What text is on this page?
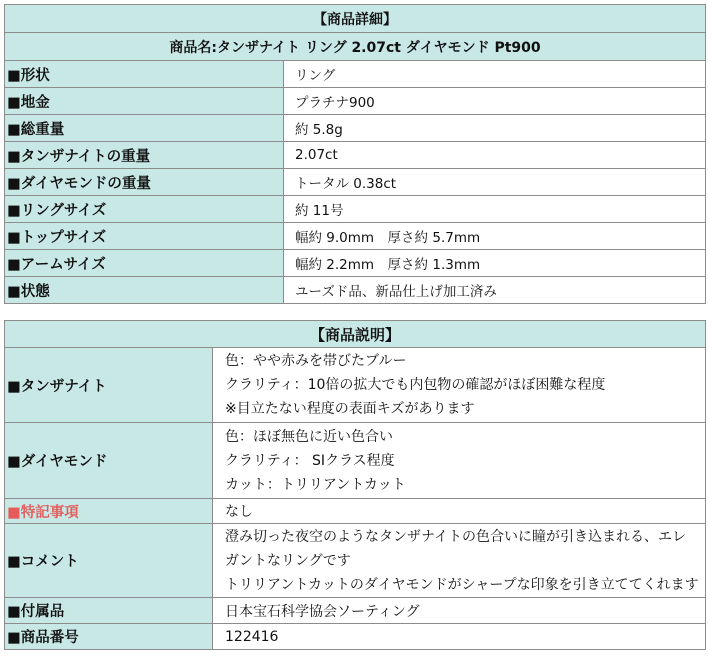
【商品詳細】	
商品名:タンザナイト リング 2.07ct ダイヤモンド Pt900	
■形状	リング
■地金	プラチナ900
■総重量	約 5.8g
■タンザナイトの重量	2.07ct
■ダイヤモンドの重量	トータル 0.38ct
■リングサイズ	約 11号
■トップサイズ	幅約 9.0mm　厚さ約 5.7mm
■アームサイズ	幅約 2.2mm　厚さ約 1.3mm
■状態	ユーズド品、新品仕上げ加工済み
【商品説明】	
■タンザナイト	色：やや赤みを帯びたブルー
クラリティ：10倍の拡大でも内包物の確認がほぼ困難な程度
※目立たない程度の表面キズがあります

■ダイヤモンド	色：ほぼ無色に近い色合い
クラリティ： SIクラス程度
カット：トリリアントカット

■特記事項	なし
■コメント	澄み切った夜空のようなタンザナイトの色合いに瞳が引き込まれる、エレ
ガントなリングです
トリリアントカットのダイヤモンドがシャープな印象を引き立ててくれます

■付属品	日本宝石科学協会ソーティング
■商品番号	122416
